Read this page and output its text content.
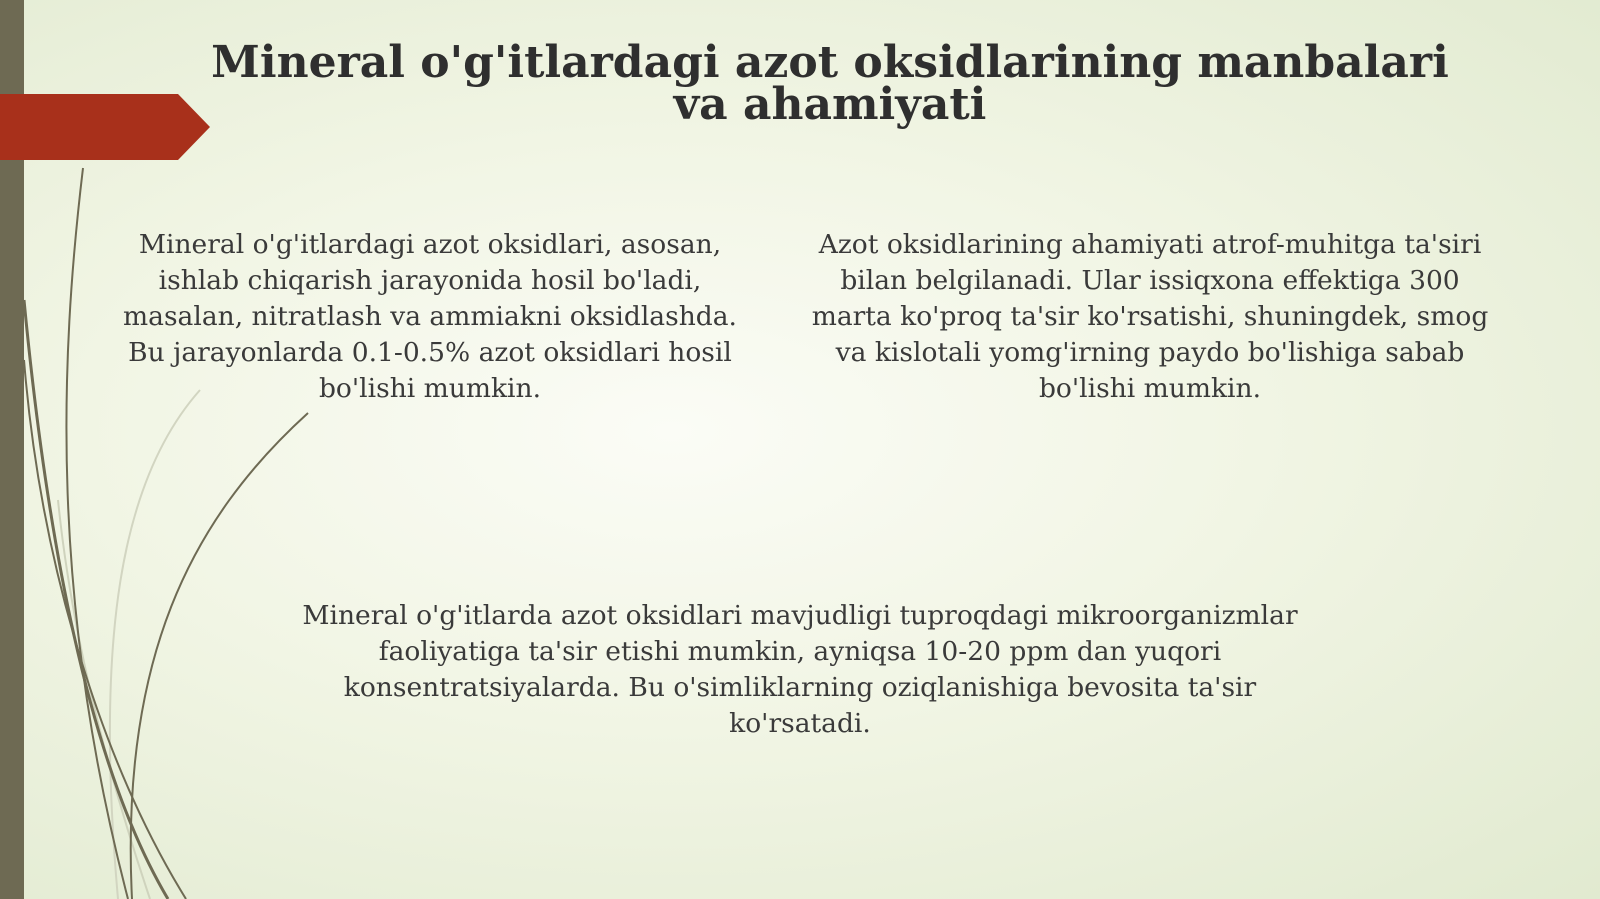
Mineral o'g'itlardagi azot oksidlarining manbalari va ahamiyati

Mineral o'g'itlardagi azot oksidlari, asosan, ishlab chiqarish jarayonida hosil bo'ladi, masalan, nitratlash va ammiakni oksidlashda. Bu jarayonlarda 0.1-0.5% azot oksidlari hosil bo'lishi mumkin.

Azot oksidlarining ahamiyati atrof-muhitga ta'siri bilan belgilanadi. Ular issiqxona effektiga 300 marta ko'proq ta'sir ko'rsatishi, shuningdek, smog va kislotali yomg'irning paydo bo'lishiga sabab bo'lishi mumkin.

Mineral o'g'itlarda azot oksidlari mavjudligi tuproqdagi mikroorganizmlar faoliyatiga ta'sir etishi mumkin, ayniqsa 10-20 ppm dan yuqori konsentratsiyalarda. Bu o'simliklarning oziqlanishiga bevosita ta'sir ko'rsatadi.
